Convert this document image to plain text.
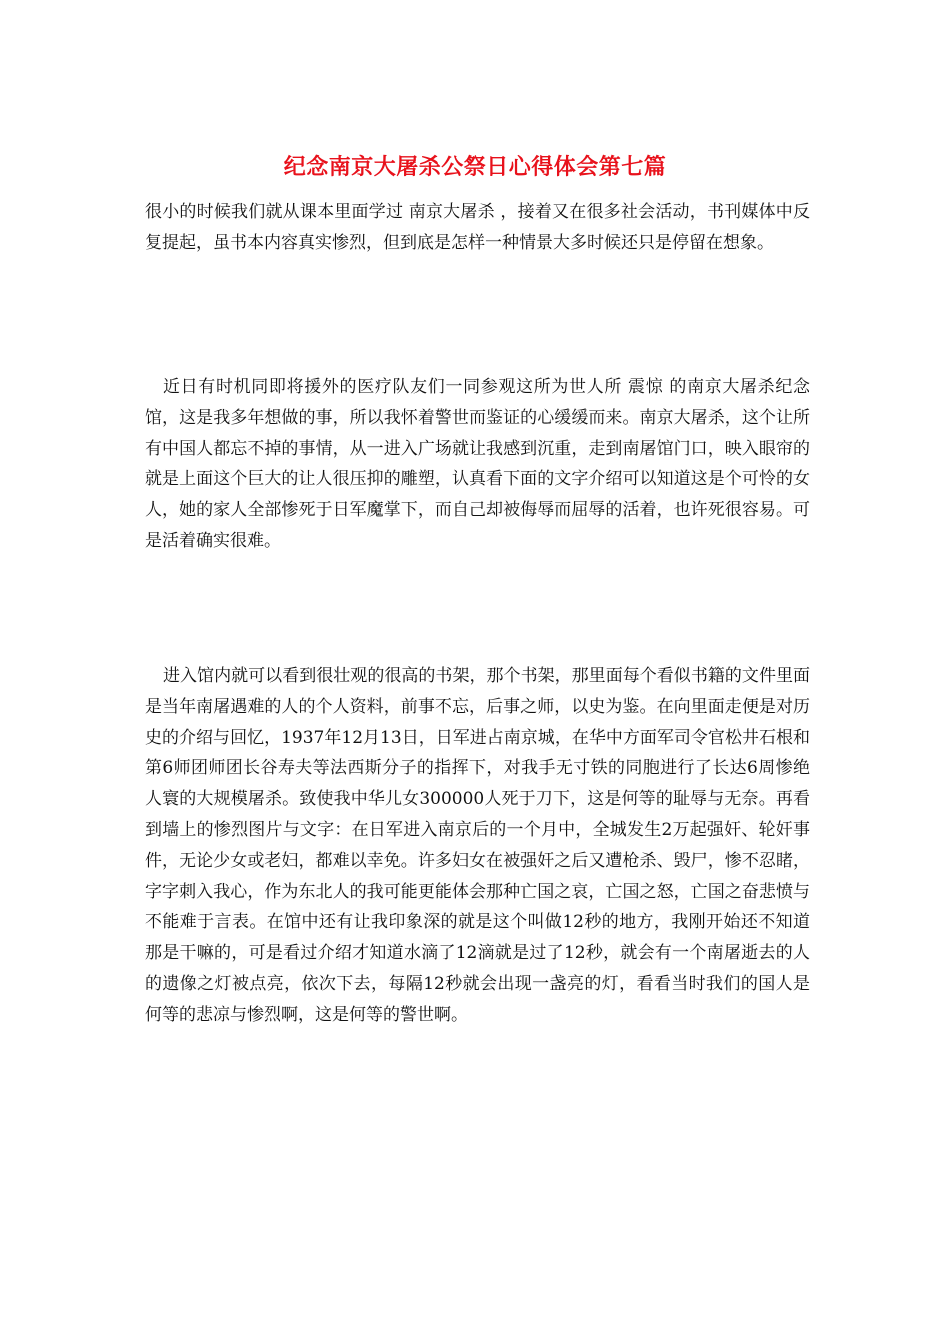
纪念南京大屠杀公祭日心得体会第七篇

很小的时候我们就从课本里面学过 南京大屠杀 ，接着又在很多社会活动，书刊媒体中反复提起，虽书本内容真实惨烈，但到底是怎样一种情景大多时候还只是停留在想象。

近日有时机同即将援外的医疗队友们一同参观这所为世人所 震惊 的南京大屠杀纪念馆，这是我多年想做的事，所以我怀着警世而鉴证的心缓缓而来。南京大屠杀，这个让所有中国人都忘不掉的事情，从一进入广场就让我感到沉重，走到南屠馆门口，映入眼帘的就是上面这个巨大的让人很压抑的雕塑，认真看下面的文字介绍可以知道这是个可怜的女人，她的家人全部惨死于日军魔掌下，而自己却被侮辱而屈辱的活着，也许死很容易。可是活着确实很难。

进入馆内就可以看到很壮观的很高的书架，那个书架，那里面每个看似书籍的文件里面是当年南屠遇难的人的个人资料，前事不忘，后事之师，以史为鉴。在向里面走便是对历史的介绍与回忆，1937年12月13日，日军进占南京城，在华中方面军司令官松井石根和第6师团师团长谷寿夫等法西斯分子的指挥下，对我手无寸铁的同胞进行了长达6周惨绝人寰的大规模屠杀。致使我中华儿女300000人死于刀下，这是何等的耻辱与无奈。再看到墙上的惨烈图片与文字：在日军进入南京后的一个月中，全城发生2万起强奸、轮奸事件，无论少女或老妇，都难以幸免。许多妇女在被强奸之后又遭枪杀、毁尸，惨不忍睹，字字刺入我心，作为东北人的我可能更能体会那种亡国之哀，亡国之怒，亡国之奋悲愤与不能难于言表。在馆中还有让我印象深的就是这个叫做12秒的地方，我刚开始还不知道那是干嘛的，可是看过介绍才知道水滴了12滴就是过了12秒，就会有一个南屠逝去的人的遗像之灯被点亮，依次下去，每隔12秒就会出现一盏亮的灯，看看当时我们的国人是何等的悲凉与惨烈啊，这是何等的警世啊。
